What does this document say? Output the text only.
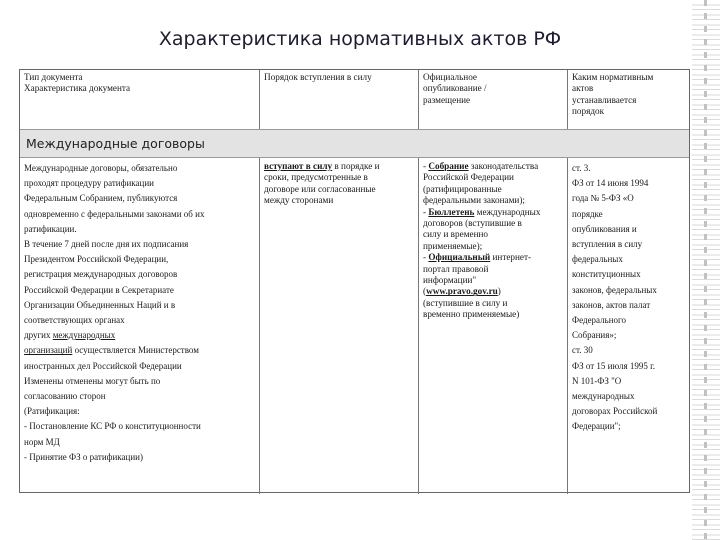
Характеристика нормативных актов РФ
Тип документа
Характеристика документа
Порядок вступления в силу	Официальное
опубликование /
размещение
Каким нормативным
актов
устанавливается
порядок
Международные договоры
Международные договоры, обязательно
проходят процедуру ратификации
Федеральным Собранием, публикуются
одновременно с федеральными законами об их
ратификации.
В течение 7 дней после дня их подписания
Президентом Российской Федерации,
регистрация международных договоров
Российской Федерации в Секретариате
Организации Объединенных Наций и в
соответствующих органах
других международных
организаций осуществляется Министерством
иностранных дел Российской Федерации
Изменены отменены могут быть по
согласованию сторон
(Ратификация:
- Постановление КС РФ о конституционности
норм МД
- Принятие ФЗ о ратификации)
вступают в силу в порядке и
сроки, предусмотренные в
договоре или согласованные
между сторонами
- Собрание законодательства
Российской Федерации
(ратифицированные
федеральными законами);
- Бюллетень международных
договоров (вступившие в
силу и временно
применяемые);
- Официальный интернет-
портал правовой
информации"
(www.pravo.gov.ru)
(вступившие в силу и
временно применяемые)
ст. 3.
ФЗ от 14 июня 1994
года № 5-ФЗ «О
порядке
опубликования и
вступления в силу
федеральных
конституционных
законов, федеральных
законов, актов палат
Федерального
Собрания»;
ст. 30
ФЗ от 15 июля 1995 г.
N 101-ФЗ "О
международных
договорах Российской
Федерации";
